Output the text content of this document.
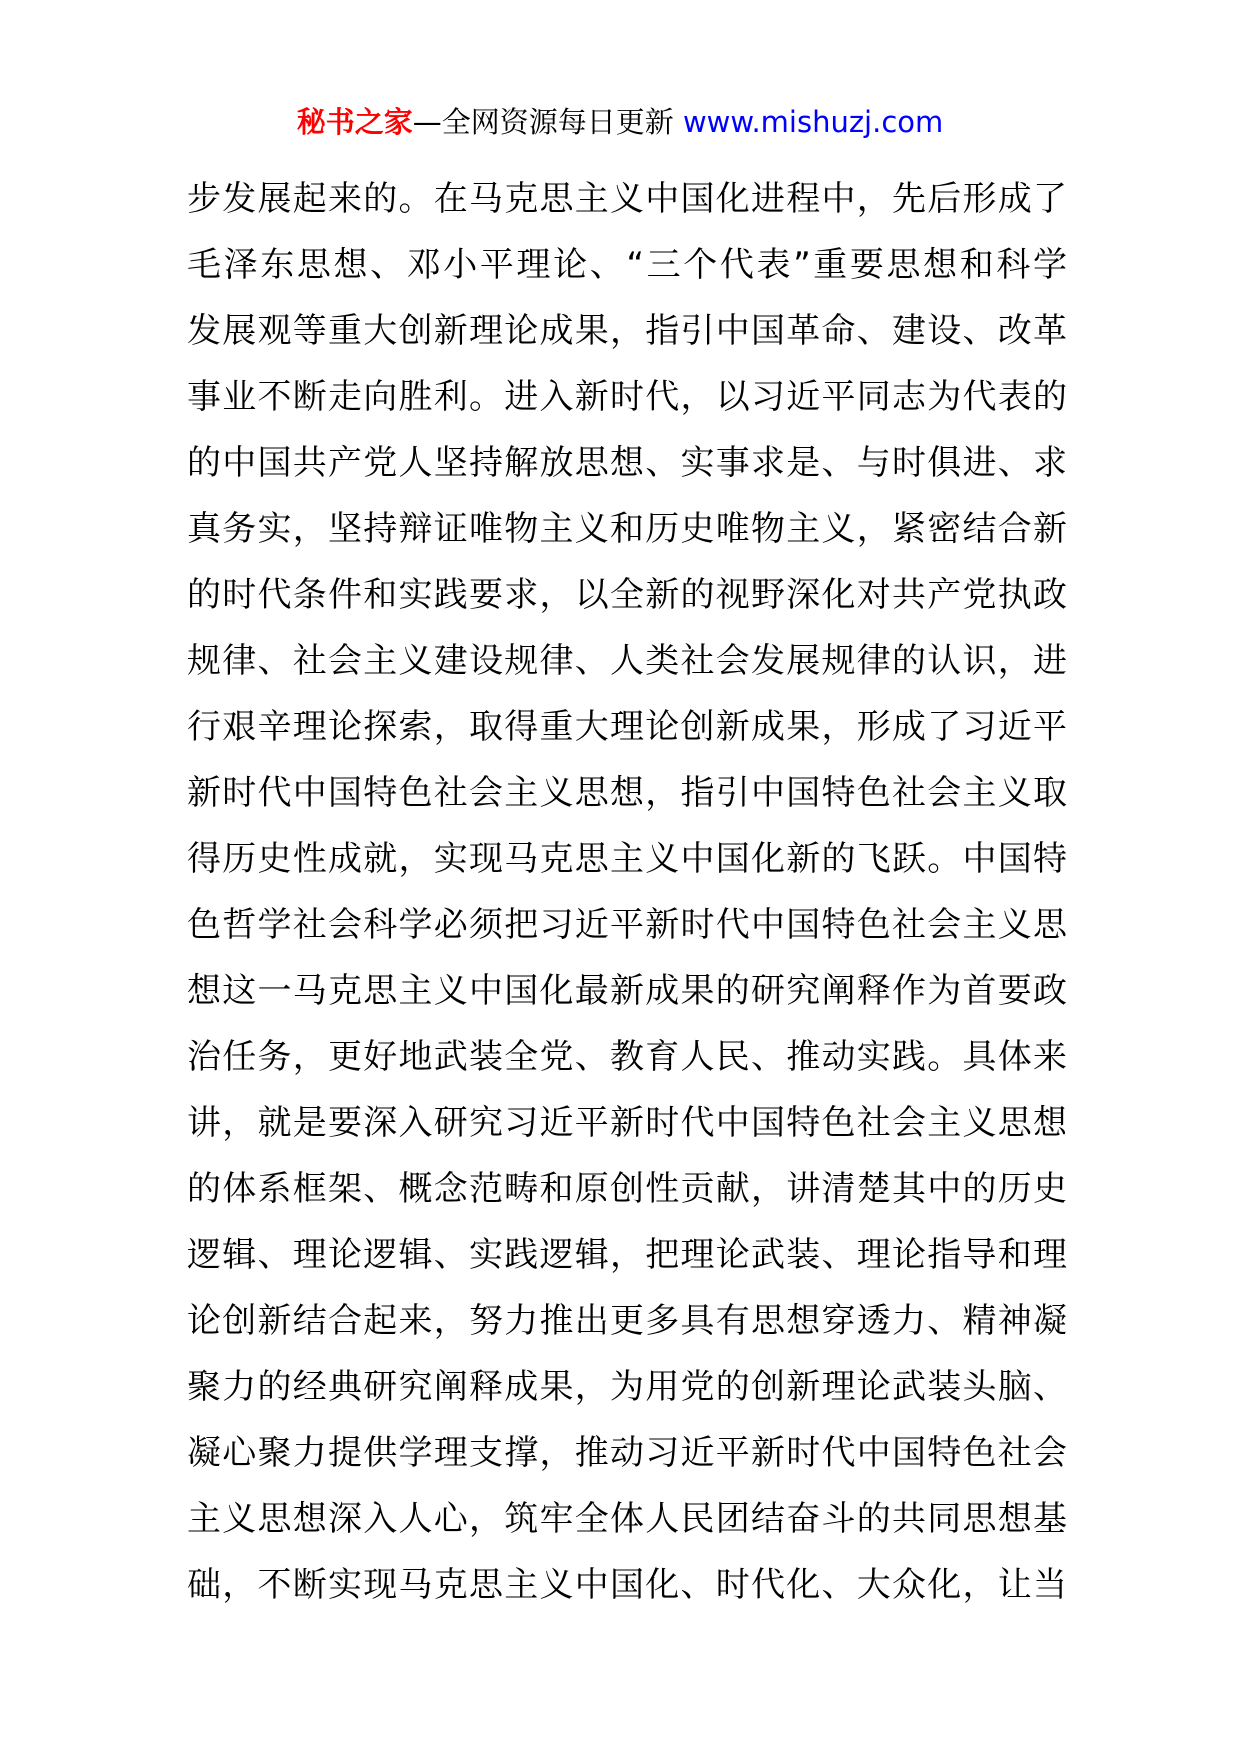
秘书之家—全网资源每日更新 www.mishuzj.com
步发展起来的。在马克思主义中国化进程中，先后形成了
毛泽东思想、邓小平理论、“三个代表”重要思想和科学
发展观等重大创新理论成果，指引中国革命、建设、改革
事业不断走向胜利。进入新时代，以习近平同志为代表的
的中国共产党人坚持解放思想、实事求是、与时俱进、求
真务实，坚持辩证唯物主义和历史唯物主义，紧密结合新
的时代条件和实践要求，以全新的视野深化对共产党执政
规律、社会主义建设规律、人类社会发展规律的认识，进
行艰辛理论探索，取得重大理论创新成果，形成了习近平
新时代中国特色社会主义思想，指引中国特色社会主义取
得历史性成就，实现马克思主义中国化新的飞跃。中国特
色哲学社会科学必须把习近平新时代中国特色社会主义思
想这一马克思主义中国化最新成果的研究阐释作为首要政
治任务，更好地武装全党、教育人民、推动实践。具体来
讲，就是要深入研究习近平新时代中国特色社会主义思想
的体系框架、概念范畴和原创性贡献，讲清楚其中的历史
逻辑、理论逻辑、实践逻辑，把理论武装、理论指导和理
论创新结合起来，努力推出更多具有思想穿透力、精神凝
聚力的经典研究阐释成果，为用党的创新理论武装头脑、
凝心聚力提供学理支撑，推动习近平新时代中国特色社会
主义思想深入人心，筑牢全体人民团结奋斗的共同思想基
础，不断实现马克思主义中国化、时代化、大众化，让当
